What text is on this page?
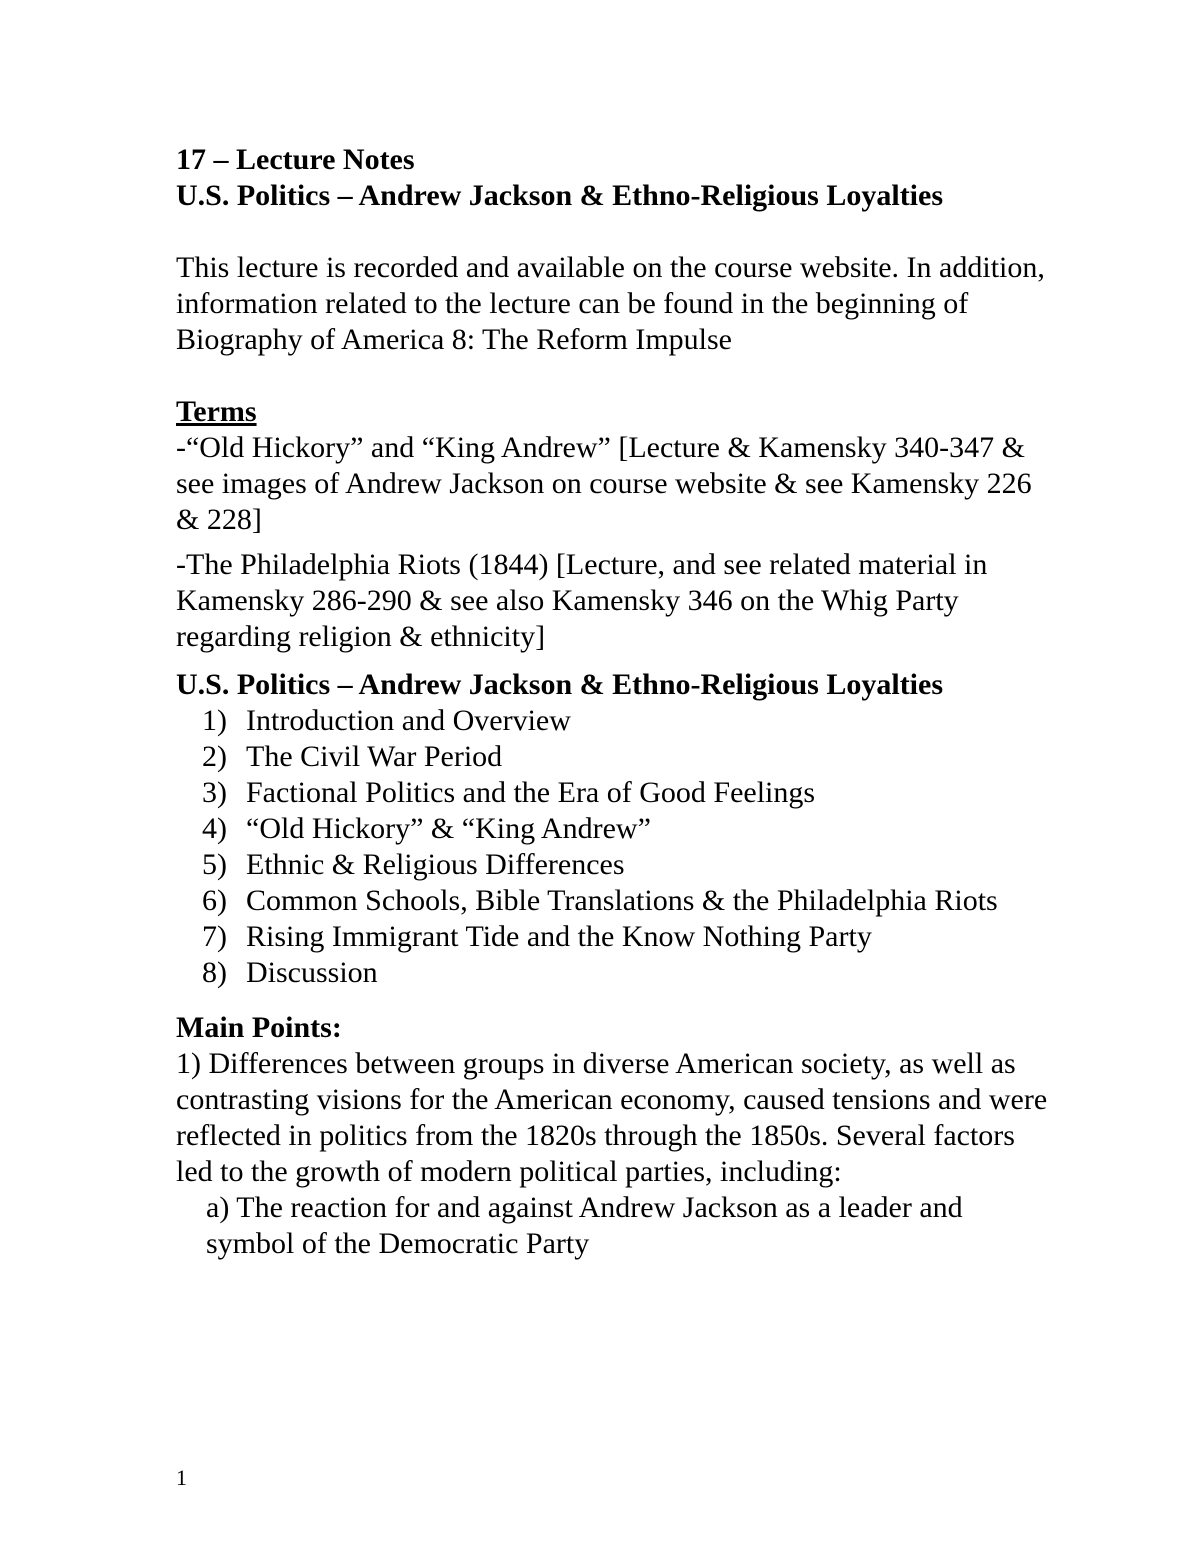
17 – Lecture Notes

U.S. Politics – Andrew Jackson & Ethno-Religious Loyalties

This lecture is recorded and available on the course website. In addition, information related to the lecture can be found in the beginning of Biography of America 8: The Reform Impulse

Terms

-“Old Hickory” and “King Andrew” [Lecture & Kamensky 340-347 & see images of Andrew Jackson on course website & see Kamensky 226 & 228]

-The Philadelphia Riots (1844) [Lecture, and see related material in Kamensky 286-290 & see also Kamensky 346 on the Whig Party regarding religion & ethnicity]

U.S. Politics – Andrew Jackson & Ethno-Religious Loyalties

1) Introduction and Overview
2) The Civil War Period
3) Factional Politics and the Era of Good Feelings
4) “Old Hickory” & “King Andrew”
5) Ethnic & Religious Differences
6) Common Schools, Bible Translations & the Philadelphia Riots
7) Rising Immigrant Tide and the Know Nothing Party
8) Discussion

Main Points:

1) Differences between groups in diverse American society, as well as contrasting visions for the American economy, caused tensions and were reflected in politics from the 1820s through the 1850s. Several factors led to the growth of modern political parties, including:

a) The reaction for and against Andrew Jackson as a leader and symbol of the Democratic Party

1
